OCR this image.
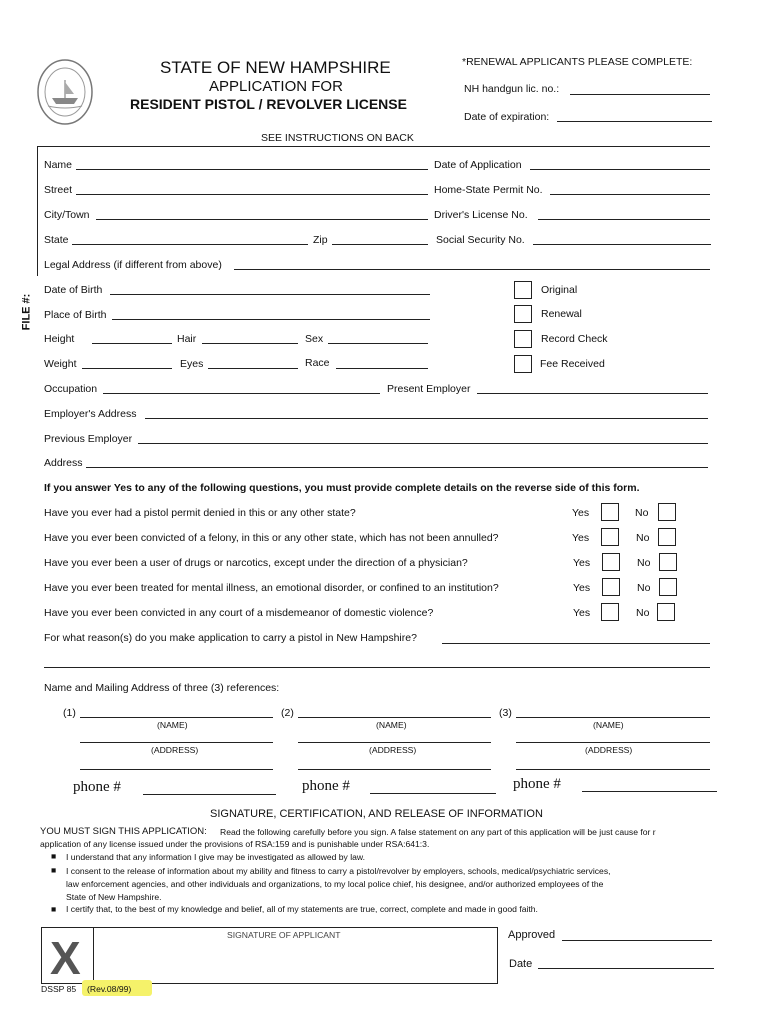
STATE OF NEW HAMPSHIRE
APPLICATION FOR
RESIDENT PISTOL / REVOLVER LICENSE
*RENEWAL APPLICANTS PLEASE COMPLETE:
NH handgun lic. no.:
Date of expiration:
SEE INSTRUCTIONS ON BACK
FILE #:
Name	Date of Application
Street	Home-State Permit No.
City/Town	Driver's License No.
State	Zip	Social Security No.
Legal Address (if different from above)
Date of Birth
Place of Birth
Height	Hair	Sex
Weight	Eyes	Race
Original
Renewal
Record Check
Fee Received
Occupation	Present Employer
Employer's Address
Previous Employer
Address
If you answer Yes to any of the following questions, you must provide complete details on the reverse side of this form.
Have you ever had a pistol permit denied in this or any other state?	Yes	No
Have you ever been convicted of a felony, in this or any other state, which has not been annulled?	Yes	No
Have you ever been a user of drugs or narcotics, except under the direction of a physician?	Yes	No
Have you ever been treated for mental illness, an emotional disorder, or confined to an institution?	Yes	No
Have you ever been convicted in any court of a misdemeanor of domestic violence?	Yes	No
For what reason(s) do you make application to carry a pistol in New Hampshire?
Name and Mailing Address of three (3) references:
(1)
(NAME)
(ADDRESS)
phone #
(2)
(NAME)
(ADDRESS)
phone #
(3)
(NAME)
(ADDRESS)
phone #
SIGNATURE, CERTIFICATION, AND RELEASE OF INFORMATION
YOU MUST SIGN THIS APPLICATION: Read the following carefully before you sign. A false statement on any part of this application will be just cause for r
application of any license issued under the provisions of RSA:159 and is punishable under RSA:641:3.
■ I understand that any information I give may be investigated as allowed by law.
■ I consent to the release of information about my ability and fitness to carry a pistol/revolver by employers, schools, medical/psychiatric services,
law enforcement agencies, and other individuals and organizations, to my local police chief, his designee, and/or authorized employees of the
State of New Hampshire.
■ I certify that, to the best of my knowledge and belief, all of my statements are true, correct, complete and made in good faith.
X	SIGNATURE OF APPLICANT	Approved
Date
DSSP 85 (Rev.08/99)
